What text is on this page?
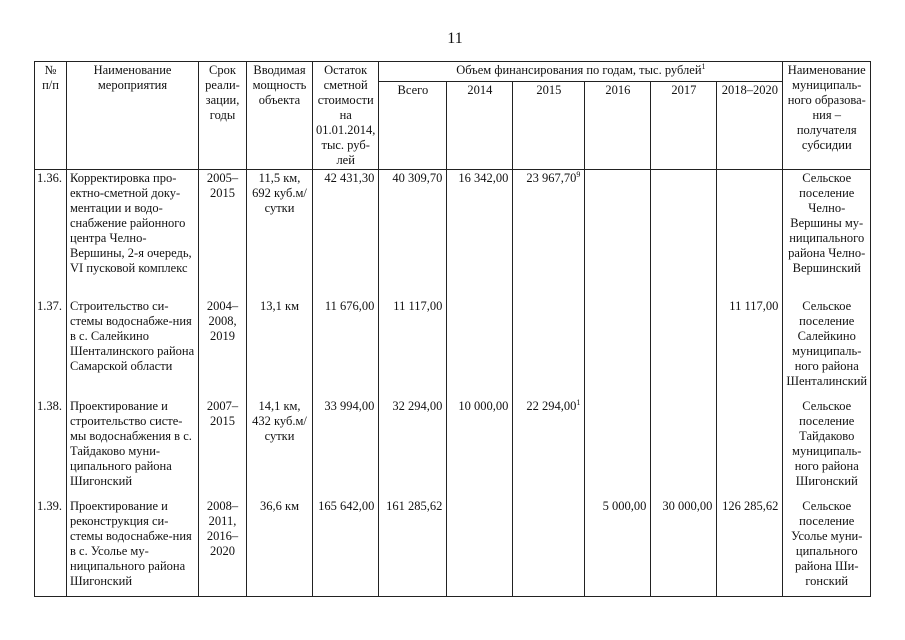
11
№ п/п	Наименование мероприятия	Срок реали-зации, годы	Вводимая мощность объекта	Остаток сметной стоимости на 01.01.2014, тыс. руб-лей	Объем финансирования по годам, тыс. рублей$^1$						Наименование муниципаль-ного образова-ния – получателя субсидии
					Всего	2014	2015	2016	2017	2018–2020	
1.36.	Корректировка про-ектно-сметной доку-ментации и водо-снабжение районного центра Челно-Вершины, 2-я очередь, VI пусковой комплекс	2005–2015	11,5 км, 692 куб.м/сутки	42 431,30	40 309,70	16 342,00	23 967,70$^9$				Сельское поселение Челно-Вершины му-ниципального района Челно-Вершинский
1.37.	Строительство си-стемы водоснабже-ния в с. Салейкино Шенталинского района Самарской области	2004–2008, 2019	13,1 км	11 676,00	11 117,00					11 117,00	Сельское поселение Салейкино муниципаль-ного района Шенталинский
1.38.	Проектирование и строительство систе-мы водоснабжения в с. Тайдаково муни-ципального района Шигонский	2007–2015	14,1 км, 432 куб.м/сутки	33 994,00	32 294,00	10 000,00	22 294,00$^1$				Сельское поселение Тайдаково муниципаль-ного района Шигонский
1.39.	Проектирование и реконструкция си-стемы водоснабже-ния в с. Усолье му-ниципального района Шигонский	2008–2011, 2016–2020	36,6 км	165 642,00	161 285,62			5 000,00	30 000,00	126 285,62	Сельское поселение Усолье муни-ципального района Ши-гонский
